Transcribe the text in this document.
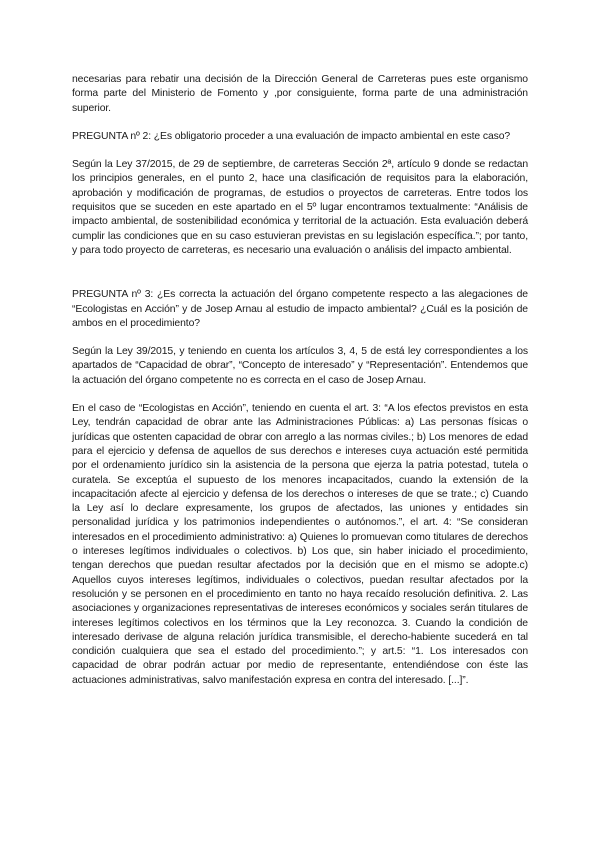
necesarias para rebatir una decisión de la Dirección General de Carreteras pues este organismo forma parte del Ministerio de Fomento y ,por consiguiente, forma parte de una administración superior.

PREGUNTA nº 2: ¿Es obligatorio proceder a una evaluación de impacto ambiental en este caso?

Según la Ley 37/2015, de 29 de septiembre, de carreteras Sección 2ª, artículo 9 donde se redactan los principios generales, en el punto 2, hace una clasificación de requisitos para la elaboración, aprobación y modificación de programas, de estudios o proyectos de carreteras. Entre todos los requisitos que se suceden en este apartado en el 5º lugar encontramos textualmente: “Análisis de impacto ambiental, de sostenibilidad económica y territorial de la actuación. Esta evaluación deberá cumplir las condiciones que en su caso estuvieran previstas en su legislación específica.”; por tanto, y para todo proyecto de carreteras, es necesario una evaluación o análisis del impacto ambiental.

PREGUNTA nº 3: ¿Es correcta la actuación del órgano competente respecto a las alegaciones de “Ecologistas en Acción” y de Josep Arnau al estudio de impacto ambiental? ¿Cuál es la posición de ambos en el procedimiento?

Según la Ley 39/2015, y teniendo en cuenta los artículos 3, 4, 5 de está ley correspondientes a los apartados de “Capacidad de obrar”, “Concepto de interesado” y “Representación”. Entendemos que la actuación del órgano competente no es correcta en el caso de Josep Arnau.

En el caso de “Ecologistas en Acción”, teniendo en cuenta el art. 3: “A los efectos previstos en esta Ley, tendrán capacidad de obrar ante las Administraciones Públicas: a) Las personas físicas o jurídicas que ostenten capacidad de obrar con arreglo a las normas civiles.; b) Los menores de edad para el ejercicio y defensa de aquellos de sus derechos e intereses cuya actuación esté permitida por el ordenamiento jurídico sin la asistencia de la persona que ejerza la patria potestad, tutela o curatela. Se exceptúa el supuesto de los menores incapacitados, cuando la extensión de la incapacitación afecte al ejercicio y defensa de los derechos o intereses de que se trate.; c) Cuando la Ley así lo declare expresamente, los grupos de afectados, las uniones y entidades sin personalidad jurídica y los patrimonios independientes o autónomos.”, el art. 4: “Se consideran interesados en el procedimiento administrativo: a) Quienes lo promuevan como titulares de derechos o intereses legítimos individuales o colectivos. b) Los que, sin haber iniciado el procedimiento, tengan derechos que puedan resultar afectados por la decisión que en el mismo se adopte.c) Aquellos cuyos intereses legítimos, individuales o colectivos, puedan resultar afectados por la resolución y se personen en el procedimiento en tanto no haya recaído resolución definitiva. 2. Las asociaciones y organizaciones representativas de intereses económicos y sociales serán titulares de intereses legítimos colectivos en los términos que la Ley reconozca. 3. Cuando la condición de interesado derivase de alguna relación jurídica transmisible, el derecho-habiente sucederá en tal condición cualquiera que sea el estado del procedimiento.”; y art.5: “1. Los interesados con capacidad de obrar podrán actuar por medio de representante, entendiéndose con éste las actuaciones administrativas, salvo manifestación expresa en contra del interesado. [...]”.
